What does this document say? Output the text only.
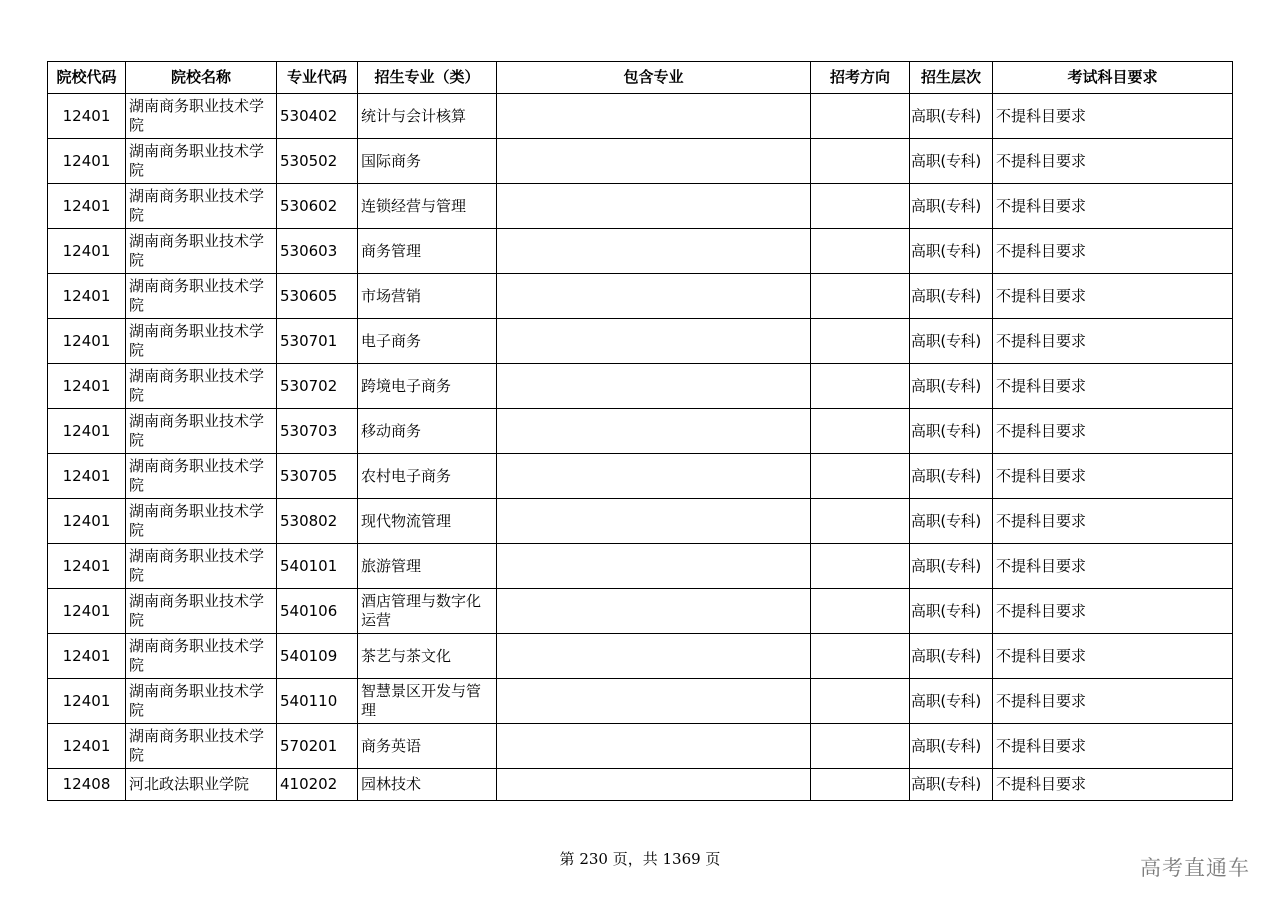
院校代码	院校名称	专业代码	招生专业（类）	包含专业	招考方向	招生层次	考试科目要求
12401	湖南商务职业技术学院	530402	统计与会计核算			高职(专科)	不提科目要求
12401	湖南商务职业技术学院	530502	国际商务			高职(专科)	不提科目要求
12401	湖南商务职业技术学院	530602	连锁经营与管理			高职(专科)	不提科目要求
12401	湖南商务职业技术学院	530603	商务管理			高职(专科)	不提科目要求
12401	湖南商务职业技术学院	530605	市场营销			高职(专科)	不提科目要求
12401	湖南商务职业技术学院	530701	电子商务			高职(专科)	不提科目要求
12401	湖南商务职业技术学院	530702	跨境电子商务			高职(专科)	不提科目要求
12401	湖南商务职业技术学院	530703	移动商务			高职(专科)	不提科目要求
12401	湖南商务职业技术学院	530705	农村电子商务			高职(专科)	不提科目要求
12401	湖南商务职业技术学院	530802	现代物流管理			高职(专科)	不提科目要求
12401	湖南商务职业技术学院	540101	旅游管理			高职(专科)	不提科目要求
12401	湖南商务职业技术学院	540106	酒店管理与数字化运营			高职(专科)	不提科目要求
12401	湖南商务职业技术学院	540109	茶艺与茶文化			高职(专科)	不提科目要求
12401	湖南商务职业技术学院	540110	智慧景区开发与管理			高职(专科)	不提科目要求
12401	湖南商务职业技术学院	570201	商务英语			高职(专科)	不提科目要求
12408	河北政法职业学院	410202	园林技术			高职(专科)	不提科目要求
第 230 页，共 1369 页	高考直通车
